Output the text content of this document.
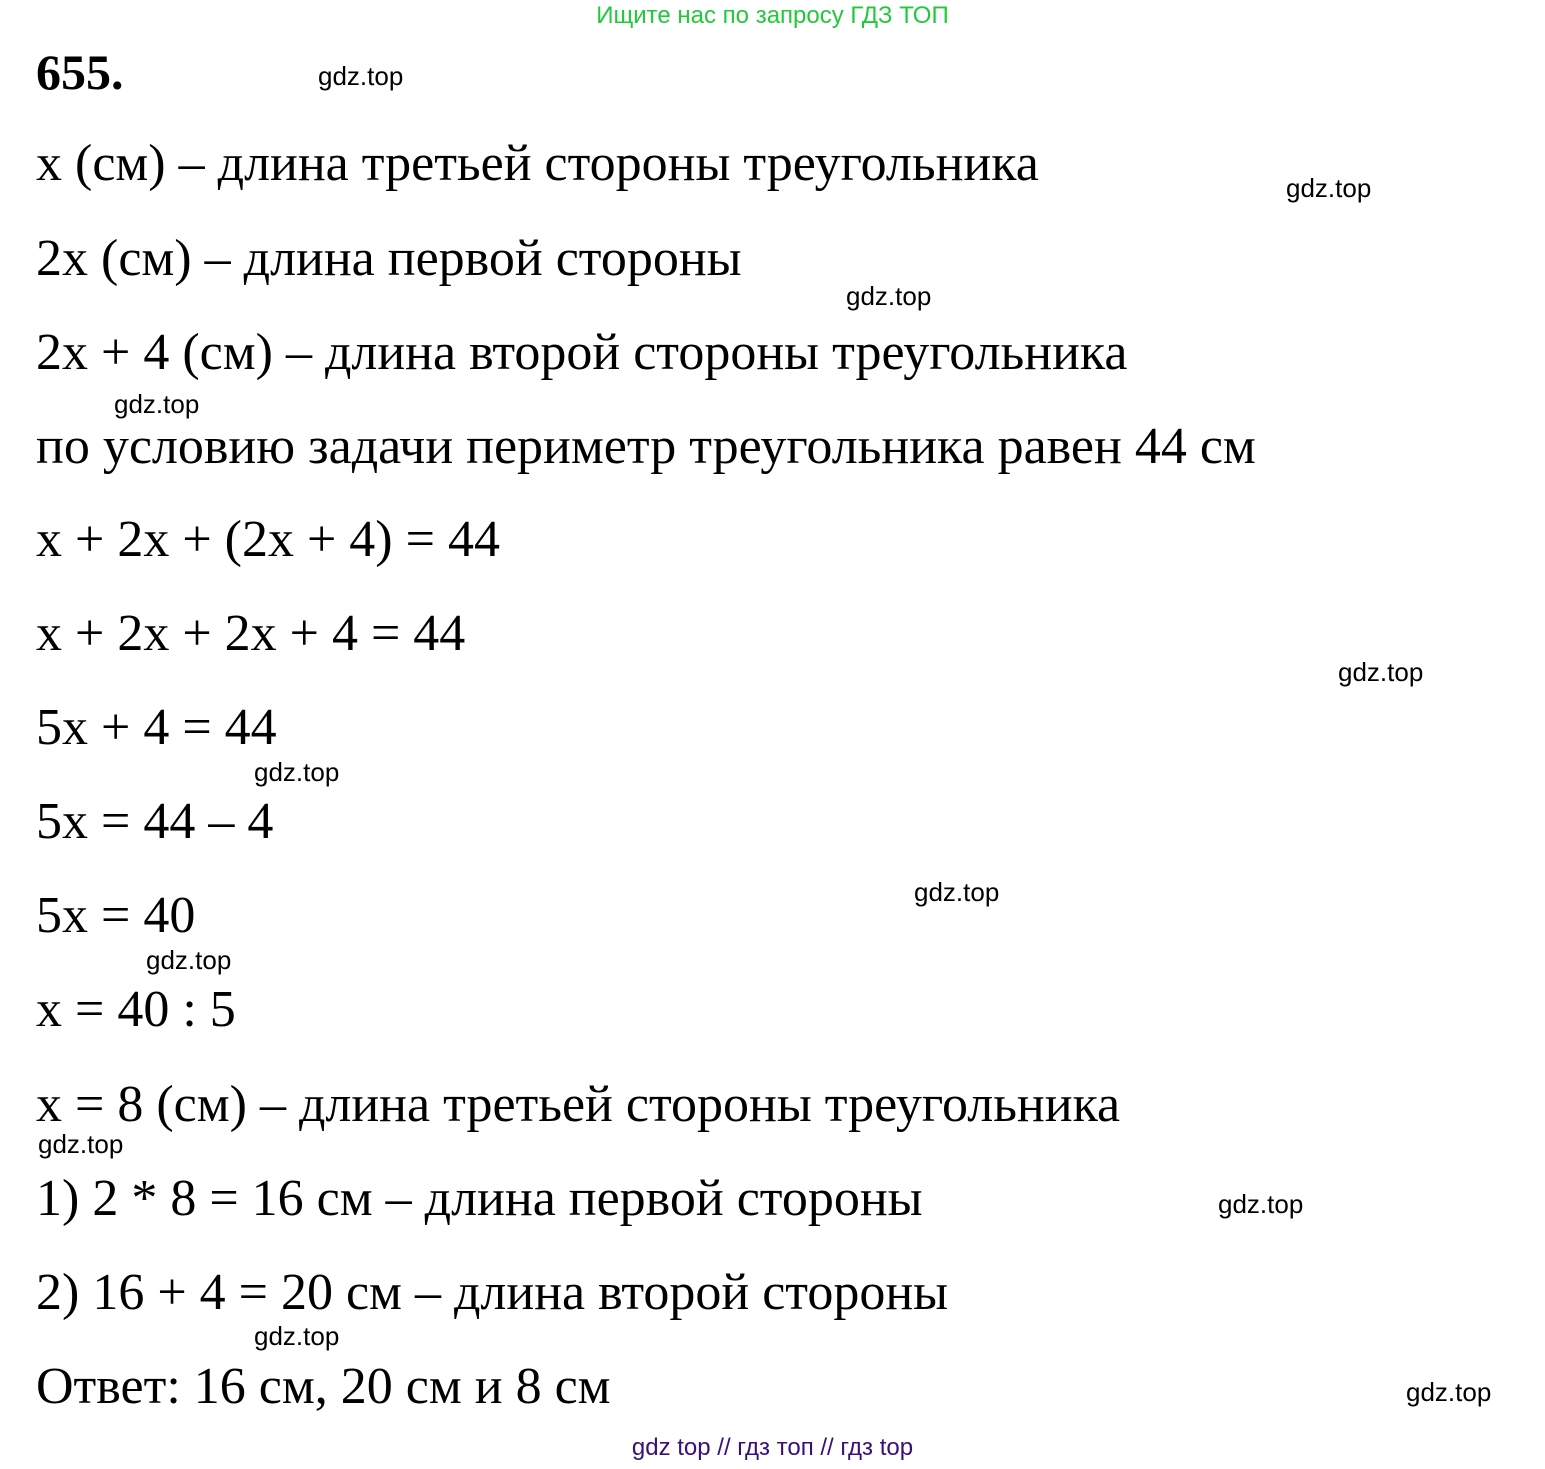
Ищите нас по запросу ГДЗ ТОП
655.
x (см) – длина третьей стороны треугольника
2x (см) – длина первой стороны
2x + 4 (см) – длина второй стороны треугольника
по условию задачи периметр треугольника равен 44 см
x + 2x + (2x + 4) = 44
x + 2x + 2x + 4 = 44
5x + 4 = 44
5x = 44 – 4
5x = 40
x = 40 : 5
x = 8 (см) – длина третьей стороны треугольника
1) 2 * 8 = 16 см – длина первой стороны
2) 16 + 4 = 20 см – длина второй стороны
Ответ: 16 см, 20 см и 8 см
gdz.top
gdz.top
gdz.top
gdz.top
gdz.top
gdz.top
gdz.top
gdz.top
gdz.top
gdz.top
gdz.top
gdz.top
gdz top // гдз топ // гдз top
